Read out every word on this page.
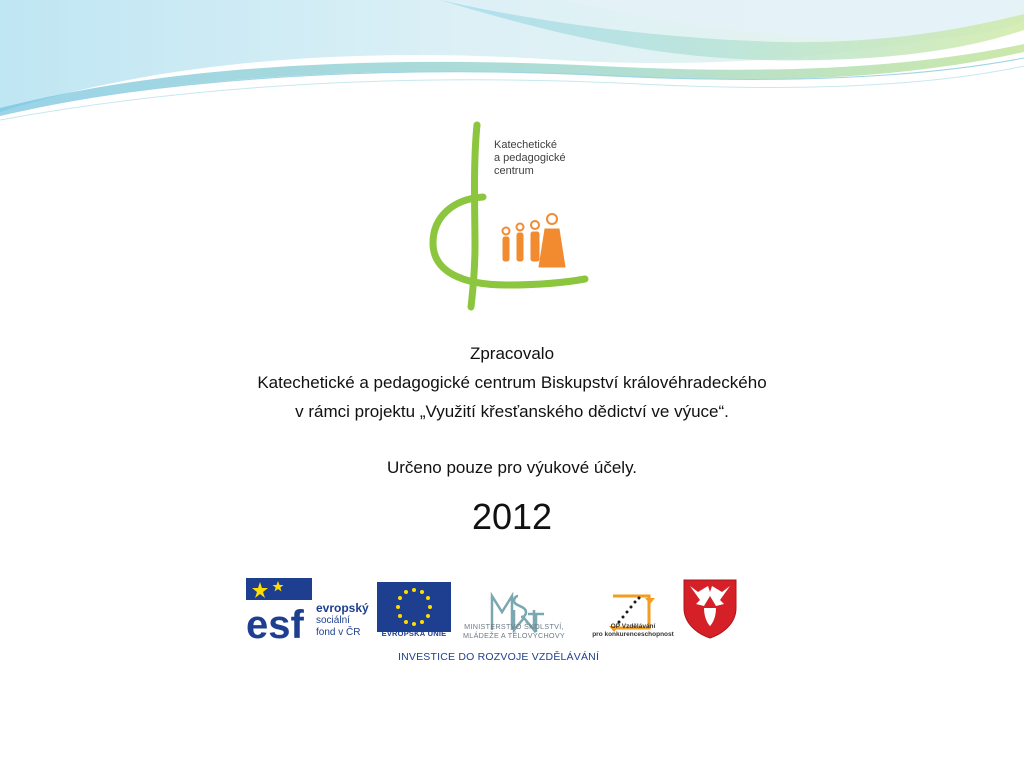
Katechetické
a pedagogické
centrum
Zpracovalo
Katechetické a pedagogické centrum Biskupství královéhradeckého
v rámci projektu „Využití křesťanského dědictví ve výuce“.
Určeno pouze pro výukové účely.
2012
esf evropský
sociální
fond v ČR	EVROPSKÁ UNIE
MINISTERSTVO ŠKOLSTVÍ,
MLÁDEŽE A TĚLOVÝCHOVY
OP Vzdělávání
pro konkurenceschopnost
INVESTICE DO ROZVOJE VZDĚLÁVÁNÍ
